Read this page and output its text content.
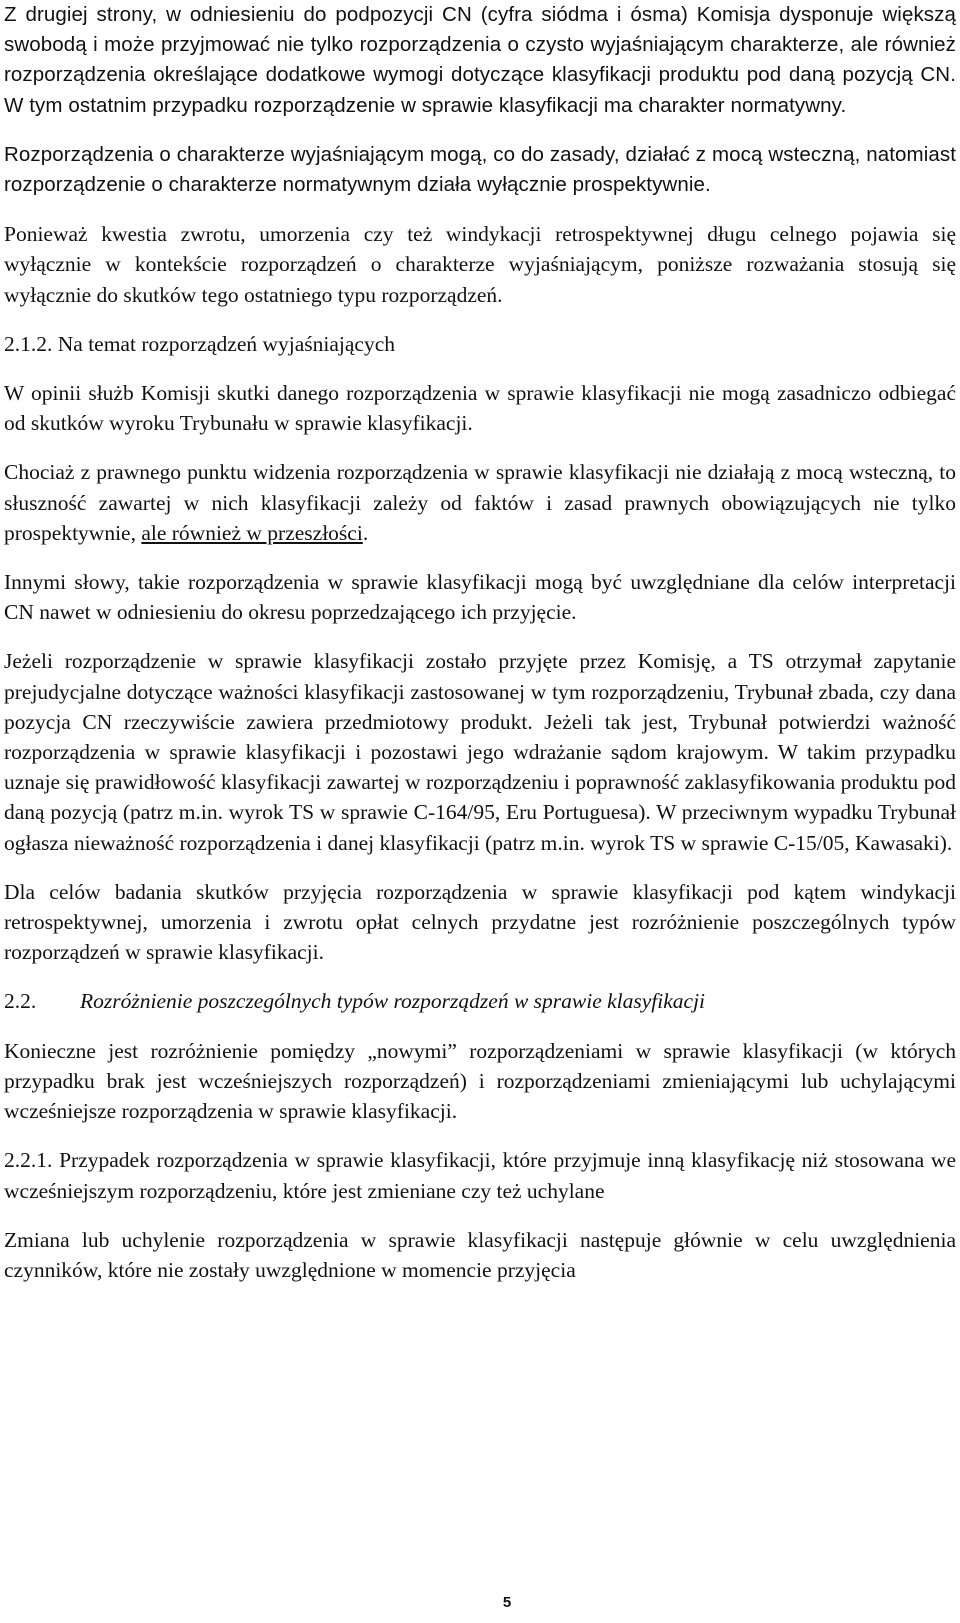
Z drugiej strony, w odniesieniu do podpozycji CN (cyfra siódma i ósma) Komisja dysponuje większą swobodą i może przyjmować nie tylko rozporządzenia o czysto wyjaśniającym charakterze, ale również rozporządzenia określające dodatkowe wymogi dotyczące klasyfikacji produktu pod daną pozycją CN. W tym ostatnim przypadku rozporządzenie w sprawie klasyfikacji ma charakter normatywny.

Rozporządzenia o charakterze wyjaśniającym mogą, co do zasady, działać z mocą wsteczną, natomiast rozporządzenie o charakterze normatywnym działa wyłącznie prospektywnie.

Ponieważ kwestia zwrotu, umorzenia czy też windykacji retrospektywnej długu celnego pojawia się wyłącznie w kontekście rozporządzeń o charakterze wyjaśniającym, poniższe rozważania stosują się wyłącznie do skutków tego ostatniego typu rozporządzeń.

2.1.2. Na temat rozporządzeń wyjaśniających

W opinii służb Komisji skutki danego rozporządzenia w sprawie klasyfikacji nie mogą zasadniczo odbiegać od skutków wyroku Trybunału w sprawie klasyfikacji.

Chociaż z prawnego punktu widzenia rozporządzenia w sprawie klasyfikacji nie działają z mocą wsteczną, to słuszność zawartej w nich klasyfikacji zależy od faktów i zasad prawnych obowiązujących nie tylko prospektywnie, ale również w przeszłości.

Innymi słowy, takie rozporządzenia w sprawie klasyfikacji mogą być uwzględniane dla celów interpretacji CN nawet w odniesieniu do okresu poprzedzającego ich przyjęcie.

Jeżeli rozporządzenie w sprawie klasyfikacji zostało przyjęte przez Komisję, a TS otrzymał zapytanie prejudycjalne dotyczące ważności klasyfikacji zastosowanej w tym rozporządzeniu, Trybunał zbada, czy dana pozycja CN rzeczywiście zawiera przedmiotowy produkt. Jeżeli tak jest, Trybunał potwierdzi ważność rozporządzenia w sprawie klasyfikacji i pozostawi jego wdrażanie sądom krajowym. W takim przypadku uznaje się prawidłowość klasyfikacji zawartej w rozporządzeniu i poprawność zaklasyfikowania produktu pod daną pozycją (patrz m.in. wyrok TS w sprawie C-164/95, Eru Portuguesa). W przeciwnym wypadku Trybunał ogłasza nieważność rozporządzenia i danej klasyfikacji (patrz m.in. wyrok TS w sprawie C-15/05, Kawasaki).

Dla celów badania skutków przyjęcia rozporządzenia w sprawie klasyfikacji pod kątem windykacji retrospektywnej, umorzenia i zwrotu opłat celnych przydatne jest rozróżnienie poszczególnych typów rozporządzeń w sprawie klasyfikacji.

2.2. Rozróżnienie poszczególnych typów rozporządzeń w sprawie klasyfikacji

Konieczne jest rozróżnienie pomiędzy „nowymi” rozporządzeniami w sprawie klasyfikacji (w których przypadku brak jest wcześniejszych rozporządzeń) i rozporządzeniami zmieniającymi lub uchylającymi wcześniejsze rozporządzenia w sprawie klasyfikacji.

2.2.1. Przypadek rozporządzenia w sprawie klasyfikacji, które przyjmuje inną klasyfikację niż stosowana we wcześniejszym rozporządzeniu, które jest zmieniane czy też uchylane

Zmiana lub uchylenie rozporządzenia w sprawie klasyfikacji następuje głównie w celu uwzględnienia czynników, które nie zostały uwzględnione w momencie przyjęcia

5
